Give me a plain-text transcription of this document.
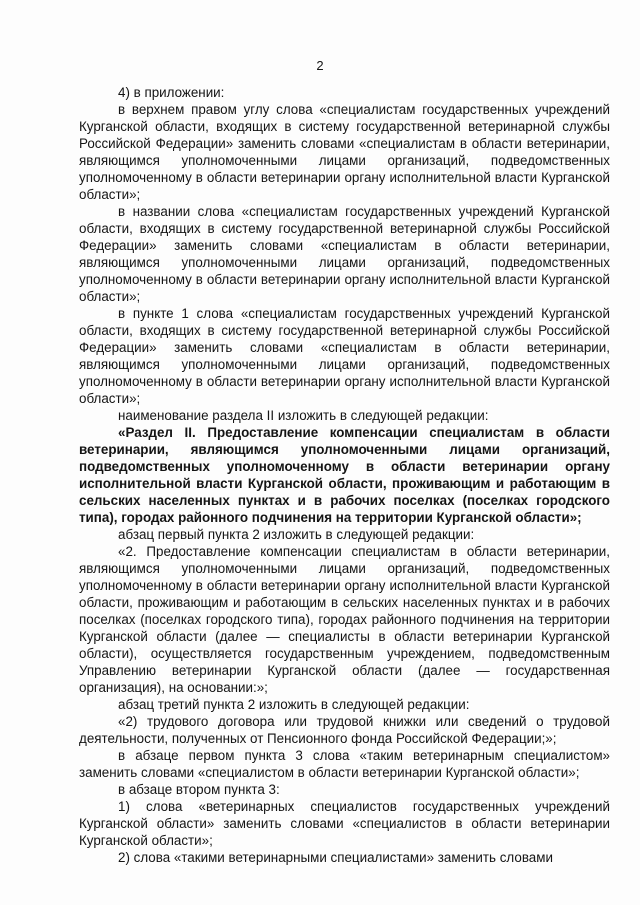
2

4) в приложении:

в верхнем правом углу слова «специалистам государственных учреждений Курганской области, входящих в систему государственной ветеринарной службы Российской Федерации» заменить словами «специалистам в области ветеринарии, являющимся уполномоченными лицами организаций, подведомственных уполномоченному в области ветеринарии органу исполнительной власти Курганской области»;

в названии слова «специалистам государственных учреждений Курганской области, входящих в систему государственной ветеринарной службы Российской Федерации» заменить словами «специалистам в области ветеринарии, являющимся уполномоченными лицами организаций, подведомственных уполномоченному в области ветеринарии органу исполнительной власти Курганской области»;

в пункте 1 слова «специалистам государственных учреждений Курганской области, входящих в систему государственной ветеринарной службы Российской Федерации» заменить словами «специалистам в области ветеринарии, являющимся уполномоченными лицами организаций, подведомственных уполномоченному в области ветеринарии органу исполнительной власти Курганской области»;

наименование раздела II изложить в следующей редакции:

«Раздел II. Предоставление компенсации специалистам в области ветеринарии, являющимся уполномоченными лицами организаций, подведомственных уполномоченному в области ветеринарии органу исполнительной власти Курганской области, проживающим и работающим в сельских населенных пунктах и в рабочих поселках (поселках городского типа), городах районного подчинения на территории Курганской области»;

абзац первый пункта 2 изложить в следующей редакции:

«2. Предоставление компенсации специалистам в области ветеринарии, являющимся уполномоченными лицами организаций, подведомственных уполномоченному в области ветеринарии органу исполнительной власти Курганской области, проживающим и работающим в сельских населенных пунктах и в рабочих поселках (поселках городского типа), городах районного подчинения на территории Курганской области (далее — специалисты в области ветеринарии Курганской области), осуществляется государственным учреждением, подведомственным Управлению ветеринарии Курганской области (далее — государственная организация), на основании:»;

абзац третий пункта 2 изложить в следующей редакции:

«2) трудового договора или трудовой книжки или сведений о трудовой деятельности, полученных от Пенсионного фонда Российской Федерации;»;

в абзаце первом пункта 3 слова «таким ветеринарным специалистом» заменить словами «специалистом в области ветеринарии Курганской области»;

в абзаце втором пункта 3:

1) слова «ветеринарных специалистов государственных учреждений Курганской области» заменить словами «специалистов в области ветеринарии Курганской области»;

2) слова «такими ветеринарными специалистами» заменить словами
